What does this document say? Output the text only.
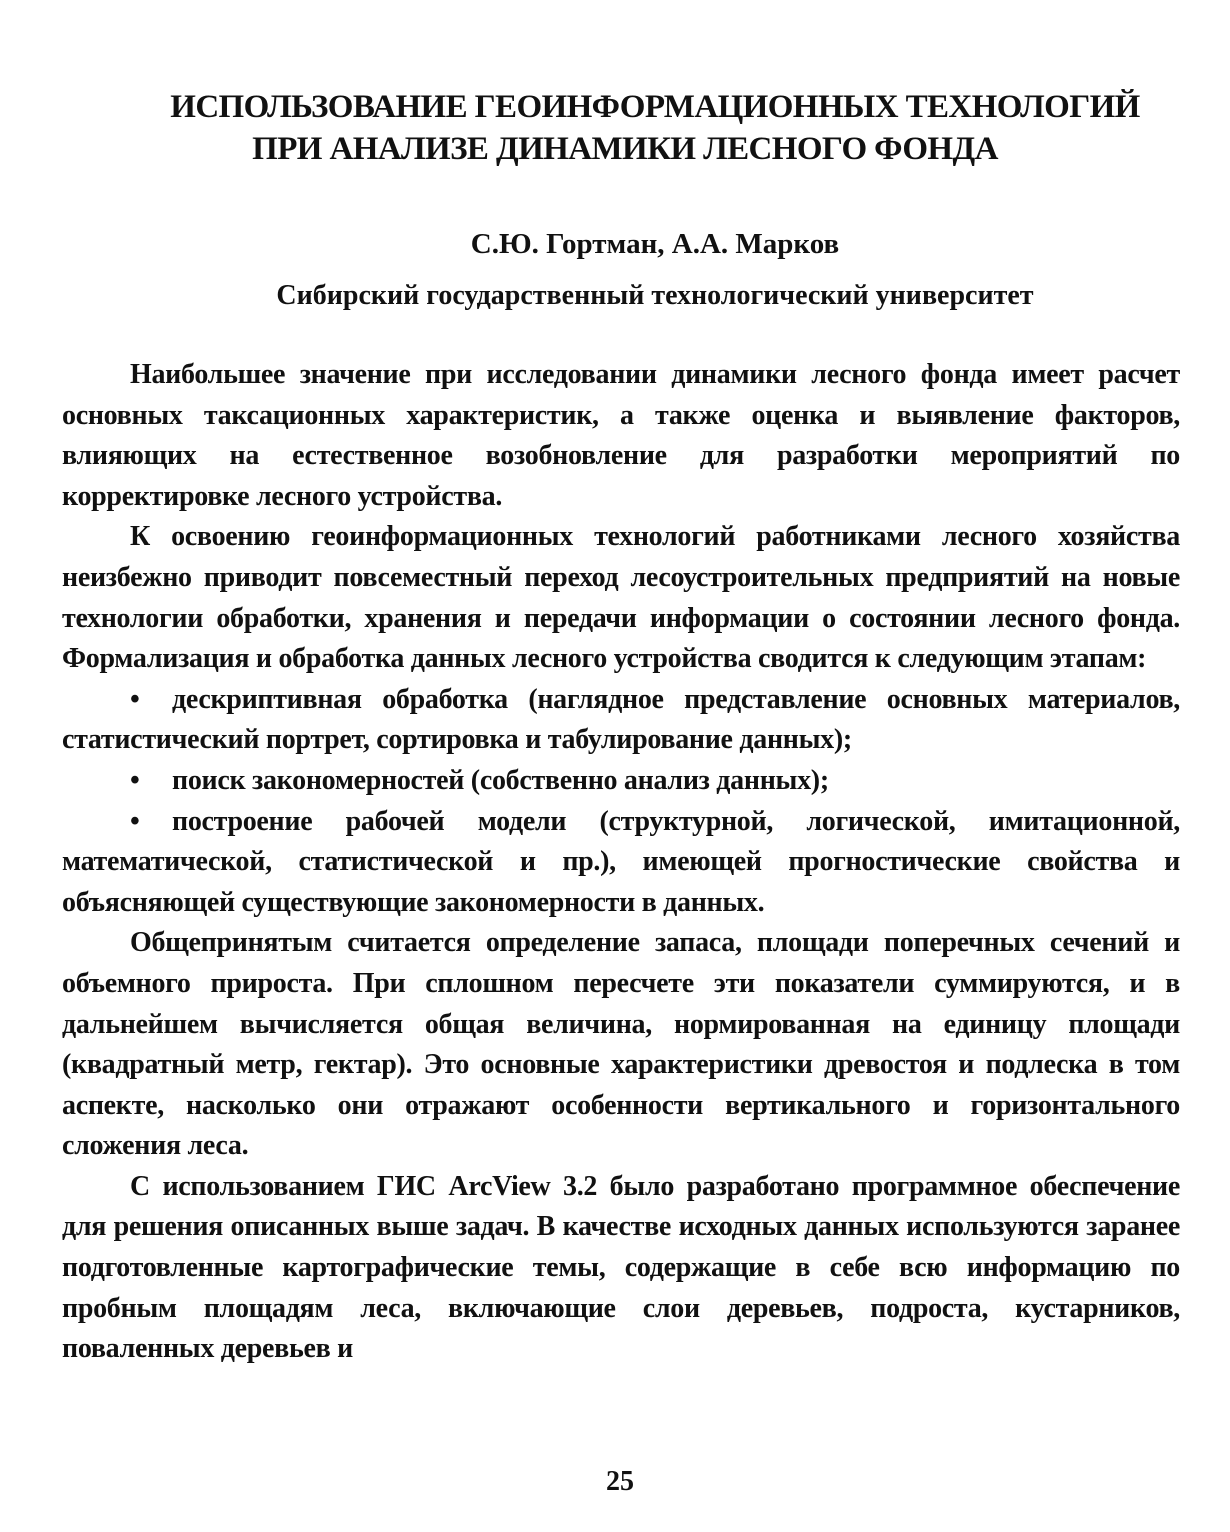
ИСПОЛЬЗОВАНИЕ ГЕОИНФОРМАЦИОННЫХ ТЕХНОЛОГИЙ
ПРИ АНАЛИЗЕ ДИНАМИКИ ЛЕСНОГО ФОНДА

С.Ю. Гортман, А.А. Марков

Сибирский государственный технологический университет

Наибольшее значение при исследовании динамики лесного фонда имеет расчет основных таксационных характеристик, а также оценка и выявление факторов, влияющих на естественное возобновление для разработки мероприятий по корректировке лесного устройства.

К освоению геоинформационных технологий работниками лесного хозяйства неизбежно приводит повсеместный переход лесоустроительных предприятий на новые технологии обработки, хранения и передачи информации о состоянии лесного фонда. Формализация и обработка данных лесного устройства сводится к следующим этапам:

• дескриптивная обработка (наглядное представление основных материалов, статистический портрет, сортировка и табулирование данных);
• поиск закономерностей (собственно анализ данных);
• построение рабочей модели (структурной, логической, имитационной, математической, статистической и пр.), имеющей прогностические свойства и объясняющей существующие закономерности в данных.

Общепринятым считается определение запаса, площади поперечных сечений и объемного прироста. При сплошном пересчете эти показатели суммируются, и в дальнейшем вычисляется общая величина, нормированная на единицу площади (квадратный метр, гектар). Это основные характеристики древостоя и подлеска в том аспекте, насколько они отражают особенности вертикального и горизонтального сложения леса.

С использованием ГИС ArcView 3.2 было разработано программное обеспечение для решения описанных выше задач. В качестве исходных данных используются заранее подготовленные картографические темы, содержащие в себе всю информацию по пробным площадям леса, включающие слои деревьев, подроста, кустарников, поваленных деревьев и

25
